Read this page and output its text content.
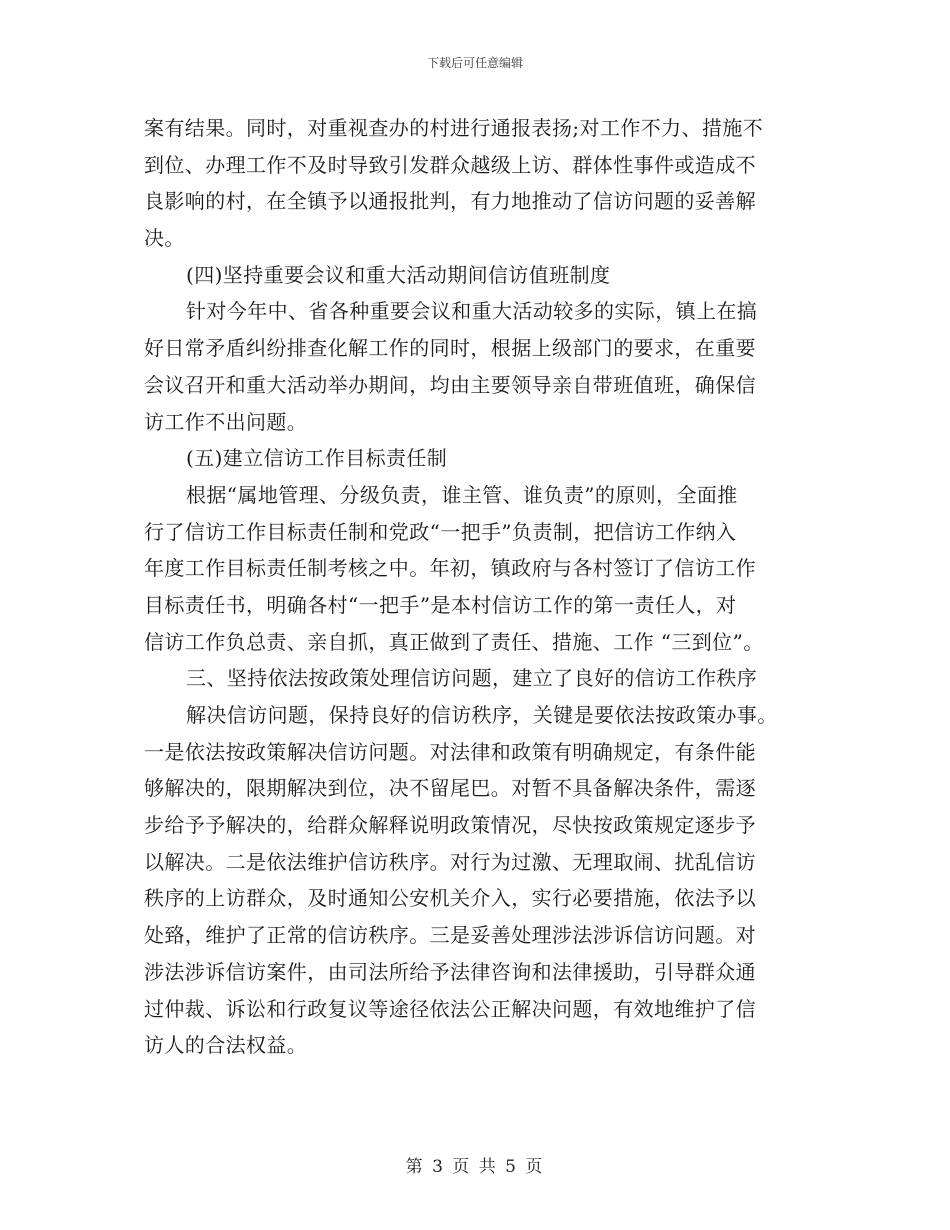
下载后可任意编辑
案有结果。同时，对重视查办的村进行通报表扬;对工作不力、措施不
到位、办理工作不及时导致引发群众越级上访、群体性事件或造成不
良影响的村，在全镇予以通报批判，有力地推动了信访问题的妥善解
决。
(四)坚持重要会议和重大活动期间信访值班制度
针对今年中、省各种重要会议和重大活动较多的实际，镇上在搞
好日常矛盾纠纷排查化解工作的同时，根据上级部门的要求，在重要
会议召开和重大活动举办期间，均由主要领导亲自带班值班，确保信
访工作不出问题。
(五)建立信访工作目标责任制
根据“属地管理、分级负责，谁主管、谁负责”的原则，全面推
行了信访工作目标责任制和党政“一把手”负责制，把信访工作纳入
年度工作目标责任制考核之中。年初，镇政府与各村签订了信访工作
目标责任书，明确各村“一把手”是本村信访工作的第一责任人，对
信访工作负总责、亲自抓，真正做到了责任、措施、工作 “三到位”。
三、坚持依法按政策处理信访问题，建立了良好的信访工作秩序
解决信访问题，保持良好的信访秩序，关键是要依法按政策办事。
一是依法按政策解决信访问题。对法律和政策有明确规定，有条件能
够解决的，限期解决到位，决不留尾巴。对暂不具备解决条件，需逐
步给予予解决的，给群众解释说明政策情况，尽快按政策规定逐步予
以解决。二是依法维护信访秩序。对行为过激、无理取闹、扰乱信访
秩序的上访群众，及时通知公安机关介入，实行必要措施，依法予以
处臵，维护了正常的信访秩序。三是妥善处理涉法涉诉信访问题。对
涉法涉诉信访案件，由司法所给予法律咨询和法律援助，引导群众通
过仲裁、诉讼和行政复议等途径依法公正解决问题，有效地维护了信
访人的合法权益。
第 3 页 共 5 页
